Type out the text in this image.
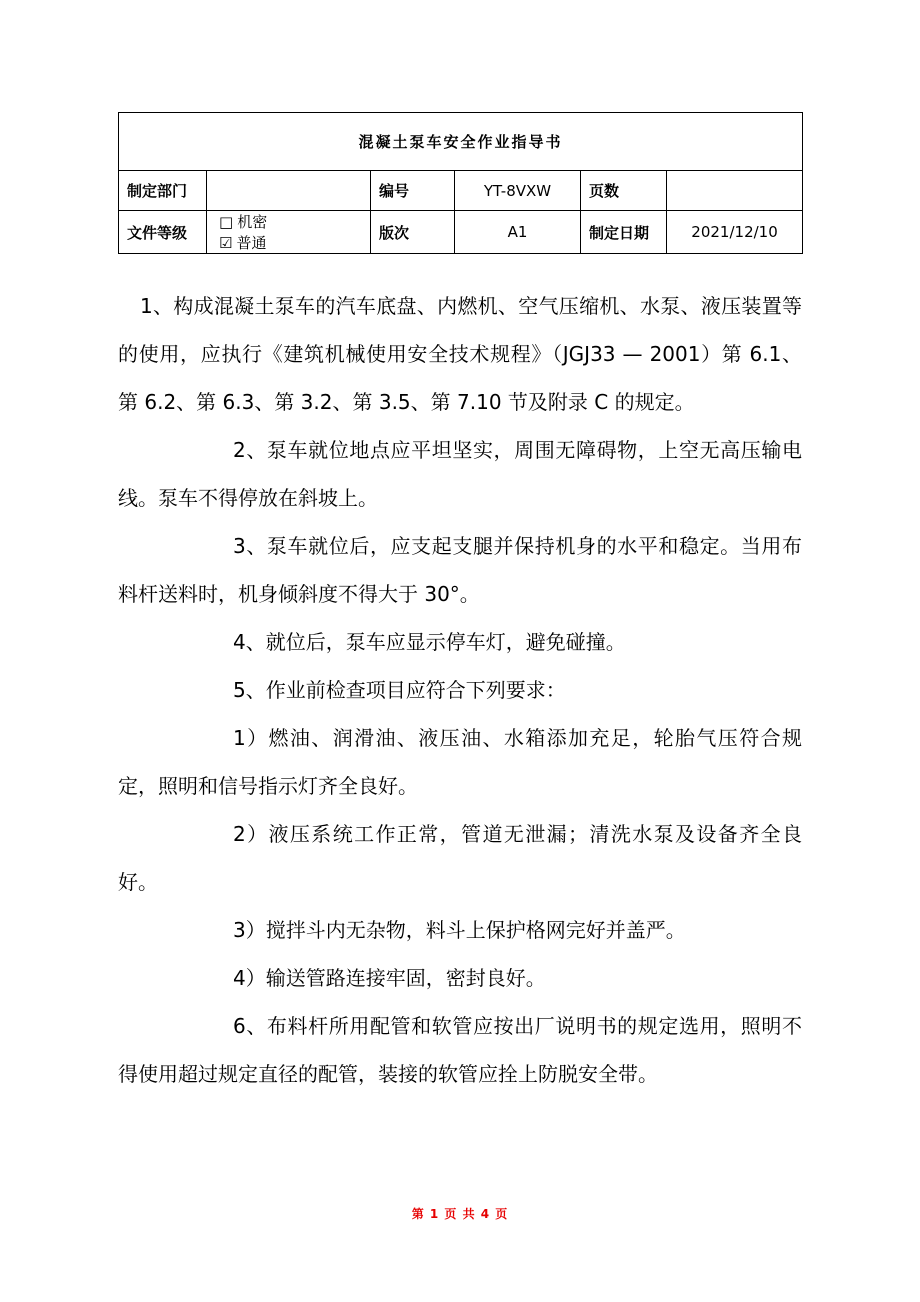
混凝土泵车安全作业指导书					
制定部门		编号	YT-8VXW	页数	
文件等级	□ 机密 ☑ 普通	版次	A1	制定日期	2021/12/10

1、构成混凝土泵车的汽车底盘、内燃机、空气压缩机、水泵、液压装置等的使用，应执行《建筑机械使用安全技术规程》（JGJ33 — 2001）第 6.1、第 6.2、第 6.3、第 3.2、第 3.5、第 7.10 节及附录 C 的规定。

2、泵车就位地点应平坦坚实，周围无障碍物，上空无高压输电线。泵车不得停放在斜坡上。

3、泵车就位后，应支起支腿并保持机身的水平和稳定。当用布料杆送料时，机身倾斜度不得大于 30°。

4、就位后，泵车应显示停车灯，避免碰撞。

5、作业前检查项目应符合下列要求：

1）燃油、润滑油、液压油、水箱添加充足，轮胎气压符合规定，照明和信号指示灯齐全良好。

2）液压系统工作正常，管道无泄漏；清洗水泵及设备齐全良好。

3）搅拌斗内无杂物，料斗上保护格网完好并盖严。

4）输送管路连接牢固，密封良好。

6、布料杆所用配管和软管应按出厂说明书的规定选用，照明不得使用超过规定直径的配管，装接的软管应拴上防脱安全带。

第 1 页 共 4 页
